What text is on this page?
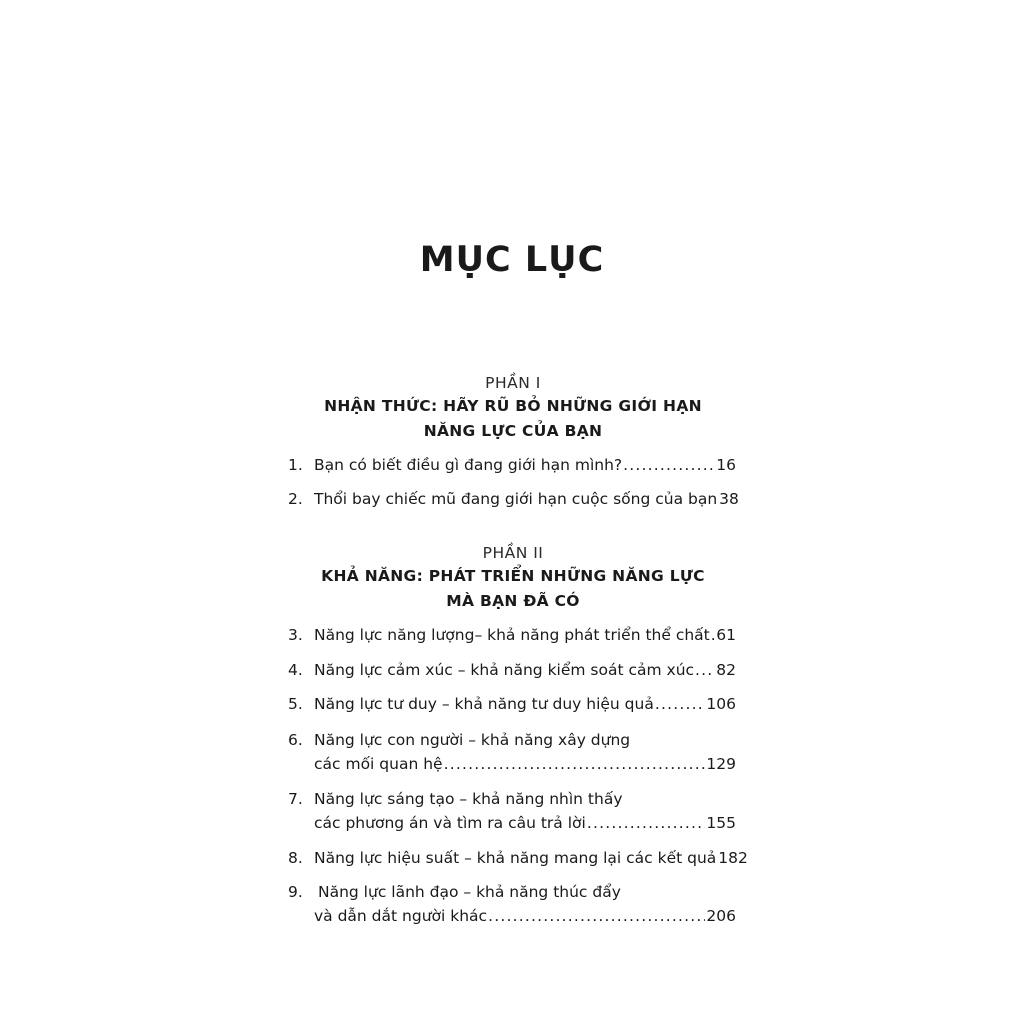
MỤC LỤC
PHẦN I
NHẬN THỨC: HÃY RŨ BỎ NHỮNG GIỚI HẠN
NĂNG LỰC CỦA BẠN
1. Bạn có biết điều gì đang giới hạn mình? .....	16
2. Thổi bay chiếc mũ đang giới hạn cuộc sống của bạn 38
PHẦN II
KHẢ NĂNG: PHÁT TRIỂN NHỮNG NĂNG LỰC
MÀ BẠN ĐÃ CÓ
3. Năng lực năng lượng– khả năng phát triển thể chất ..... 61
4. Năng lực cảm xúc – khả năng kiểm soát cảm xúc ..... 82
5. Năng lực tư duy – khả năng tư duy hiệu quả .....	106
6. Năng lực con người – khả năng xây dựng
các mối quan hệ .....	129
7. Năng lực sáng tạo – khả năng nhìn thấy
các phương án và tìm ra câu trả lời .....	155
8. Năng lực hiệu suất – khả năng mang lại các kết quả 182
9. Năng lực lãnh đạo – khả năng thúc đẩy
và dẫn dắt người khác .....	206
